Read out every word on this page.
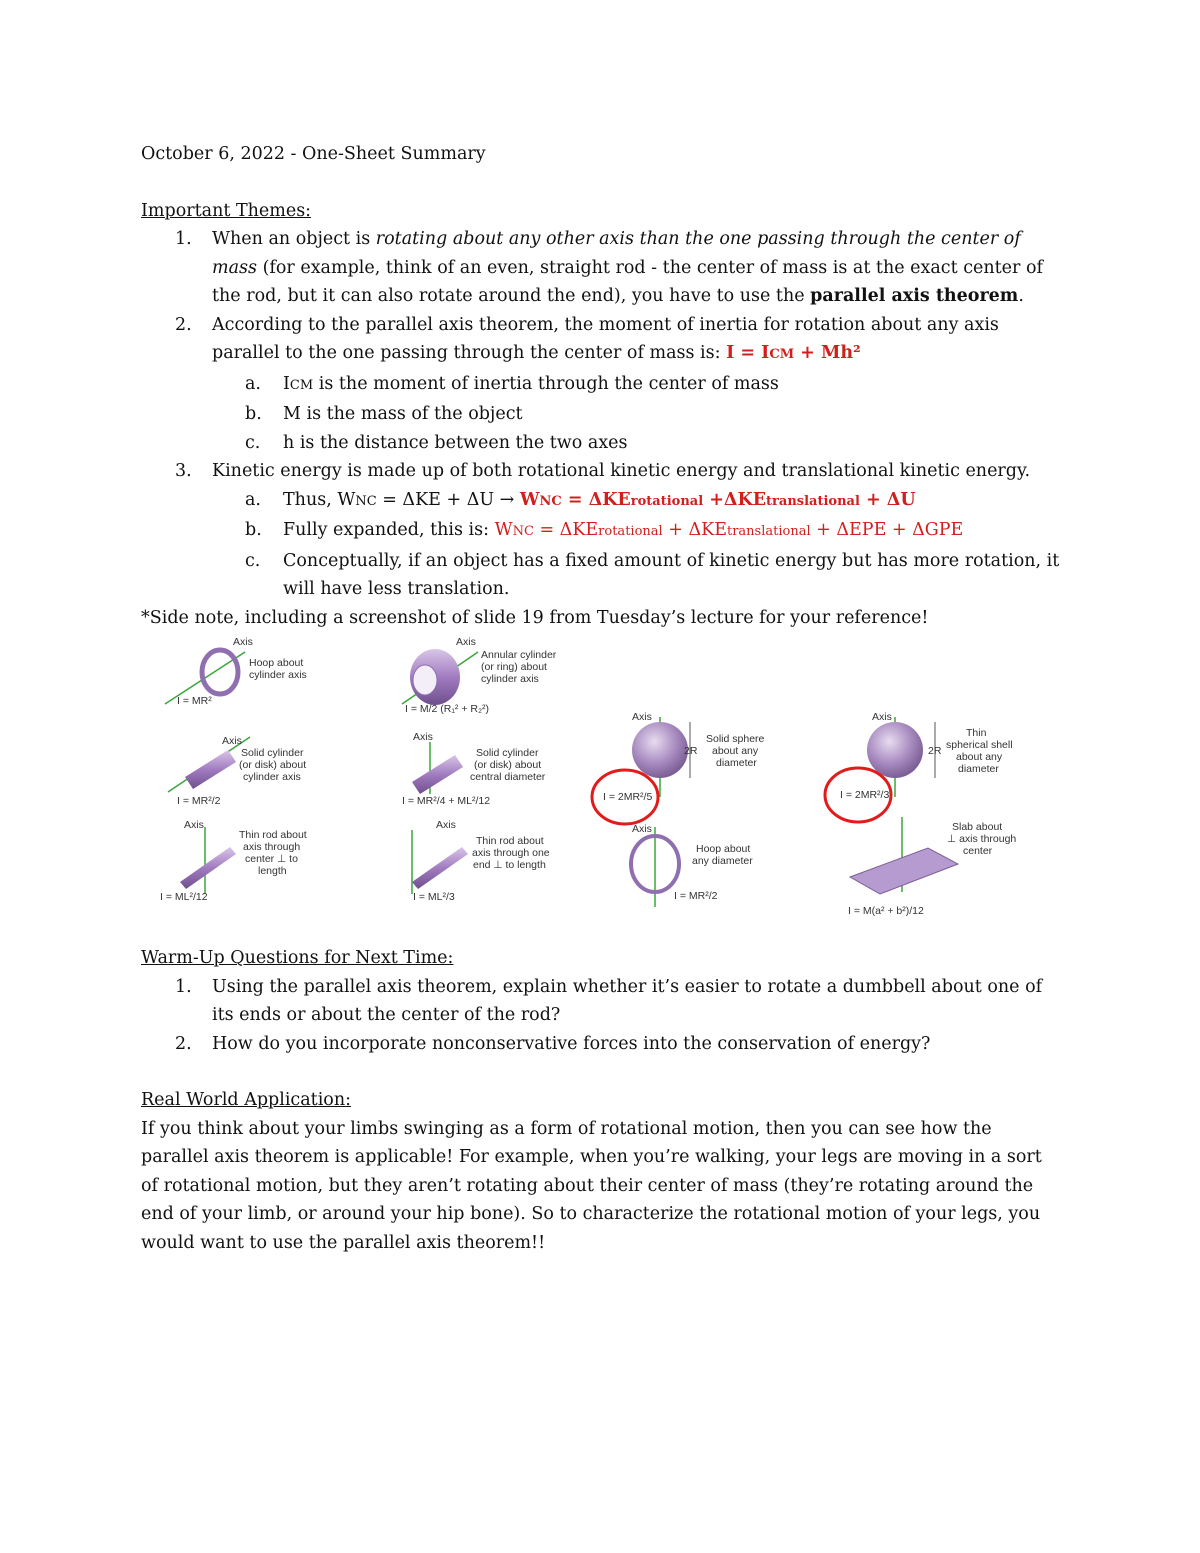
October 6, 2022 - One-Sheet Summary
Important Themes:
1.	When an object is rotating about any other axis than the one passing through the center of mass (for example, think of an even, straight rod - the center of mass is at the exact center of the rod, but it can also rotate around the end), you have to use the parallel axis theorem.
2.	According to the parallel axis theorem, the moment of inertia for rotation about any axis parallel to the one passing through the center of mass is: I = ICM + Mh²
a.	ICM is the moment of inertia through the center of mass
b.	M is the mass of the object
c.	h is the distance between the two axes
3.	Kinetic energy is made up of both rotational kinetic energy and translational kinetic energy.
a.	Thus, WNC = ΔKE + ΔU → WNC = ΔKErotational +ΔKEtranslational + ΔU
b.	Fully expanded, this is: WNC = ΔKErotational + ΔKEtranslational + ΔEPE + ΔGPE
c.	Conceptually, if an object has a fixed amount of kinetic energy but has more rotation, it will have less translation.
*Side note, including a screenshot of slide 19 from Tuesday’s lecture for your reference!
Axis
Hoop about
cylinder axis
I = MR²
Axis
Solid cylinder
(or disk) about
cylinder axis
I = MR²/2
Axis
Thin rod about
axis through
center ⊥ to
length
I = ML²/12
Axis
Annular cylinder
(or ring) about
cylinder axis
I = M/2 (R₁² + R₂²)
Axis
Solid cylinder
(or disk) about
central diameter
I = MR²/4 + ML²/12
Axis
Thin rod about
axis through one
end ⊥ to length
I = ML²/3
2R
Axis
Solid sphere
about any
diameter
I = 2MR²/5
Axis
Hoop about
any diameter
I = MR²/2
2R
Axis
Thin
spherical shell
about any
diameter
I = 2MR²/3
Slab about
⊥ axis through
center
I = M(a² + b²)/12
Warm-Up Questions for Next Time:
1.	Using the parallel axis theorem, explain whether it’s easier to rotate a dumbbell about one of its ends or about the center of the rod?
2.	How do you incorporate nonconservative forces into the conservation of energy?
Real World Application:
If you think about your limbs swinging as a form of rotational motion, then you can see how the parallel axis theorem is applicable! For example, when you’re walking, your legs are moving in a sort of rotational motion, but they aren’t rotating about their center of mass (they’re rotating around the end of your limb, or around your hip bone). So to characterize the rotational motion of your legs, you would want to use the parallel axis theorem!!
